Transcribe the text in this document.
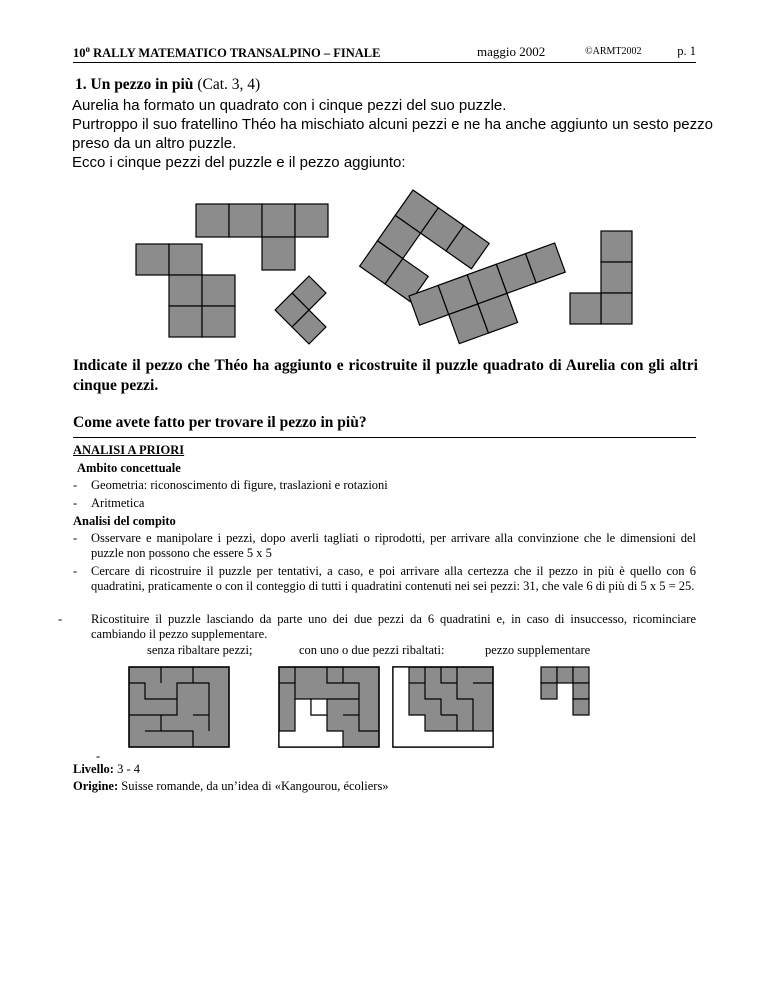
10$^o$ RALLY MATEMATICO TRANSALPINO – FINALE	maggio 2002	©ARMT2002	p. 1
1. Un pezzo in più (Cat. 3, 4)
Aurelia ha formato un quadrato con i cinque pezzi del suo puzzle.
Purtroppo il suo fratellino Théo ha mischiato alcuni pezzi e ne ha anche aggiunto un sesto pezzo
preso da un altro puzzle.
Ecco i cinque pezzi del puzzle e il pezzo aggiunto:
Indicate il pezzo che Théo ha aggiunto e ricostruite il puzzle quadrato di Aurelia con gli altri cinque pezzi.
Come avete fatto per trovare il pezzo in più?
ANALISI A PRIORI
Ambito concettuale
- Geometria: riconoscimento di figure, traslazioni e rotazioni
- Aritmetica
Analisi del compito
- Osservare e manipolare i pezzi, dopo averli tagliati o riprodotti, per arrivare alla convinzione che le dimensioni del puzzle non possono che essere 5 x 5
- Cercare di ricostruire il puzzle per tentativi, a caso, e poi arrivare alla certezza che il pezzo in più è quello con 6 quadratini, praticamente o con il conteggio di tutti i quadratini contenuti nei sei pezzi: 31, che vale 6 di più di 5 x 5 = 25.
- Ricostituire il puzzle lasciando da parte uno dei due pezzi da 6 quadratini e, in caso di insuccesso, ricominciare cambiando il pezzo supplementare.
senza ribaltare pezzi;	con uno o due pezzi ribaltati:	pezzo supplementare
-
Livello: 3 - 4
Origine: Suisse romande, da un’idea di «Kangourou, écoliers»
